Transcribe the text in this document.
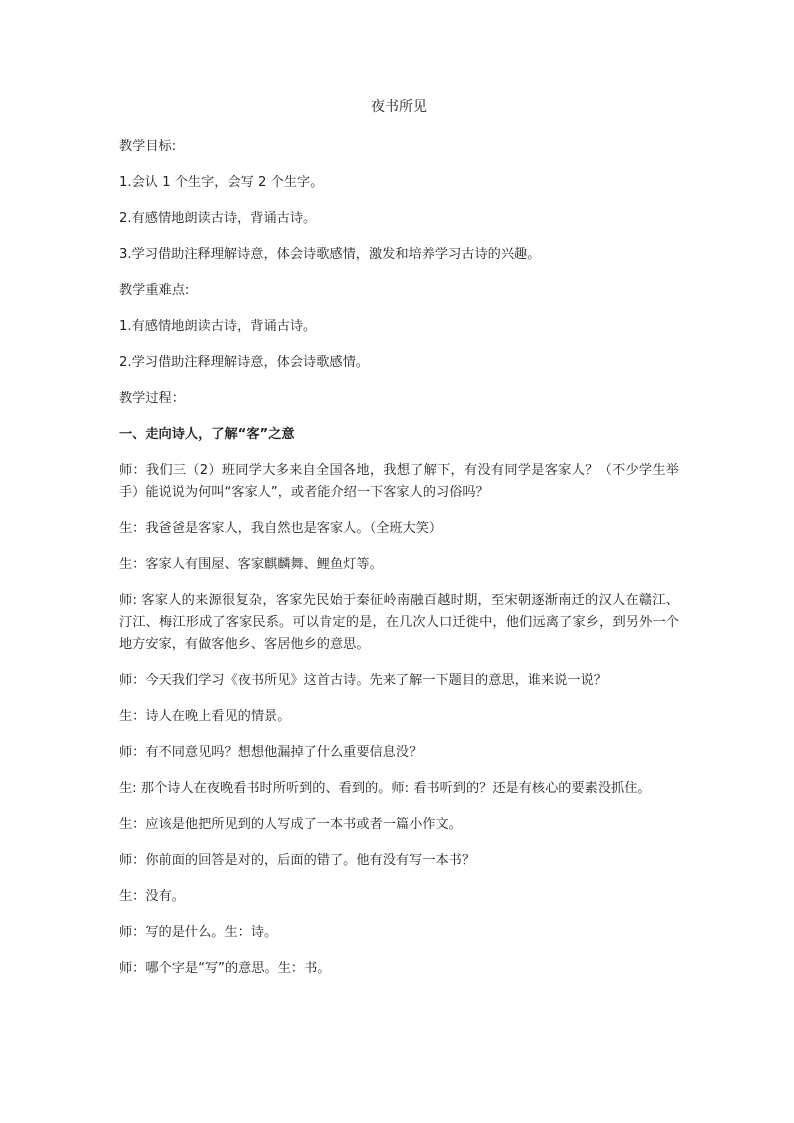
夜书所见

教学目标:

1.会认 1 个生字，会写 2 个生字。

2.有感情地朗读古诗，背诵古诗。

3.学习借助注释理解诗意，体会诗歌感情，激发和培养学习古诗的兴趣。

教学重难点:

1.有感情地朗读古诗，背诵古诗。

2.学习借助注释理解诗意，体会诗歌感情。

教学过程：

一、走向诗人，了解“客”之意

师：我们三（2）班同学大多来自全国各地，我想了解下，有没有同学是客家人？（不少学生举手）能说说为何叫“客家人”，或者能介绍一下客家人的习俗吗？

生：我爸爸是客家人，我自然也是客家人。（全班大笑）

生：客家人有围屋、客家麒麟舞、鲤鱼灯等。

师: 客家人的来源很复杂，客家先民始于秦征岭南融百越时期，至宋朝逐渐南迁的汉人在赣江、汀江、梅江形成了客家民系。可以肯定的是，在几次人口迁徙中，他们远离了家乡，到另外一个地方安家，有做客他乡、客居他乡的意思。

师：今天我们学习《夜书所见》这首古诗。先来了解一下题目的意思，谁来说一说？

生：诗人在晚上看见的情景。

师：有不同意见吗？想想他漏掉了什么重要信息没？

生: 那个诗人在夜晚看书时所听到的、看到的。师: 看书听到的？还是有核心的要素没抓住。

生：应该是他把所见到的人写成了一本书或者一篇小作文。

师：你前面的回答是对的，后面的错了。他有没有写一本书？

生：没有。

师：写的是什么。生：诗。

师：哪个字是“写”的意思。生：书。
